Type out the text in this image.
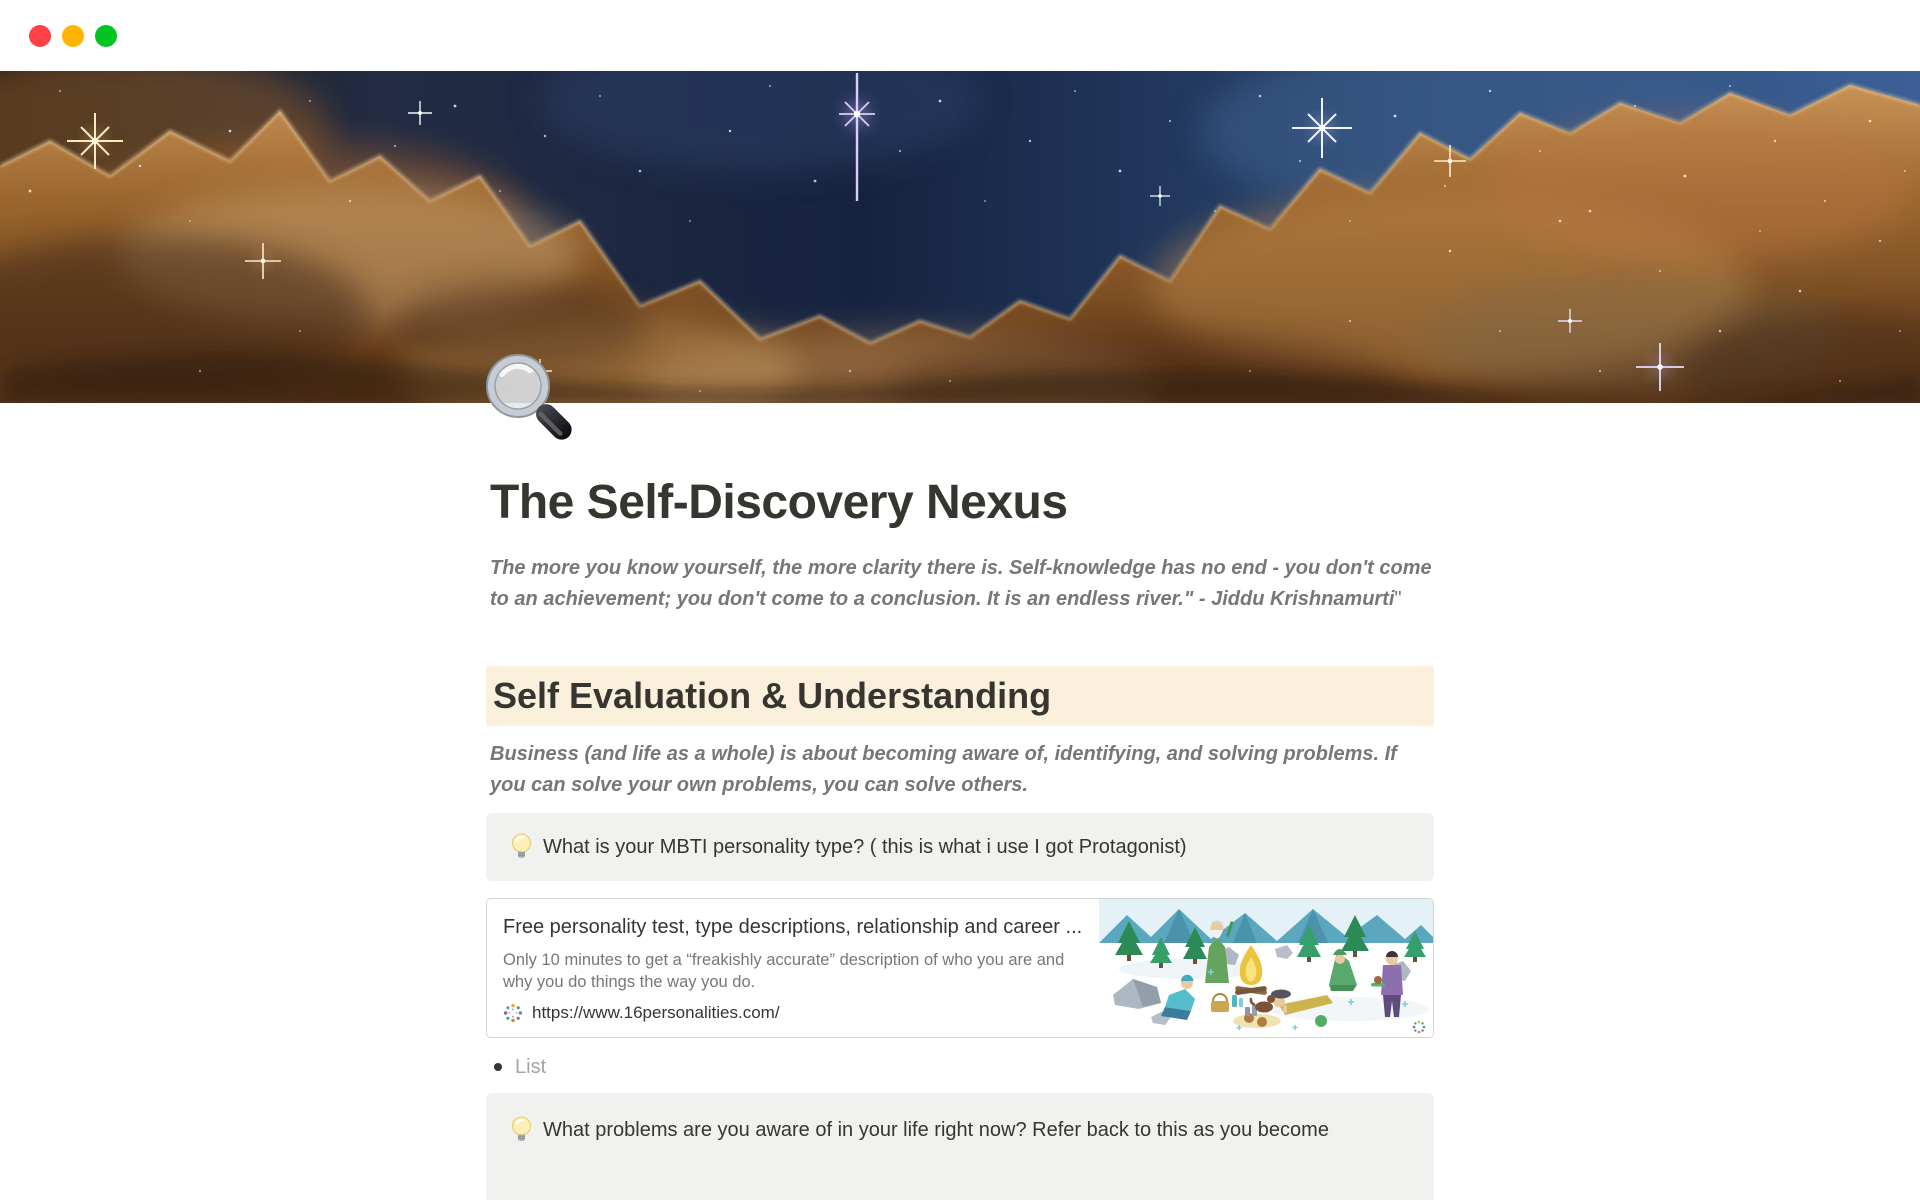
The Self-Discovery Nexus

The more you know yourself, the more clarity there is. Self-knowledge has no end - you don't come to an achievement; you don't come to a conclusion. It is an endless river." - Jiddu Krishnamurti"

Self Evaluation & Understanding

Business (and life as a whole) is about becoming aware of, identifying, and solving problems. If you can solve your own problems, you can solve others.

What is your MBTI personality type? ( this is what i use I got Protagonist)
Free personality test, type descriptions, relationship and career ...
Only 10 minutes to get a “freakishly accurate” description of who you are and why you do things the way you do.
https://www.16personalities.com/
List
What problems are you aware of in your life right now? Refer back to this as you become
